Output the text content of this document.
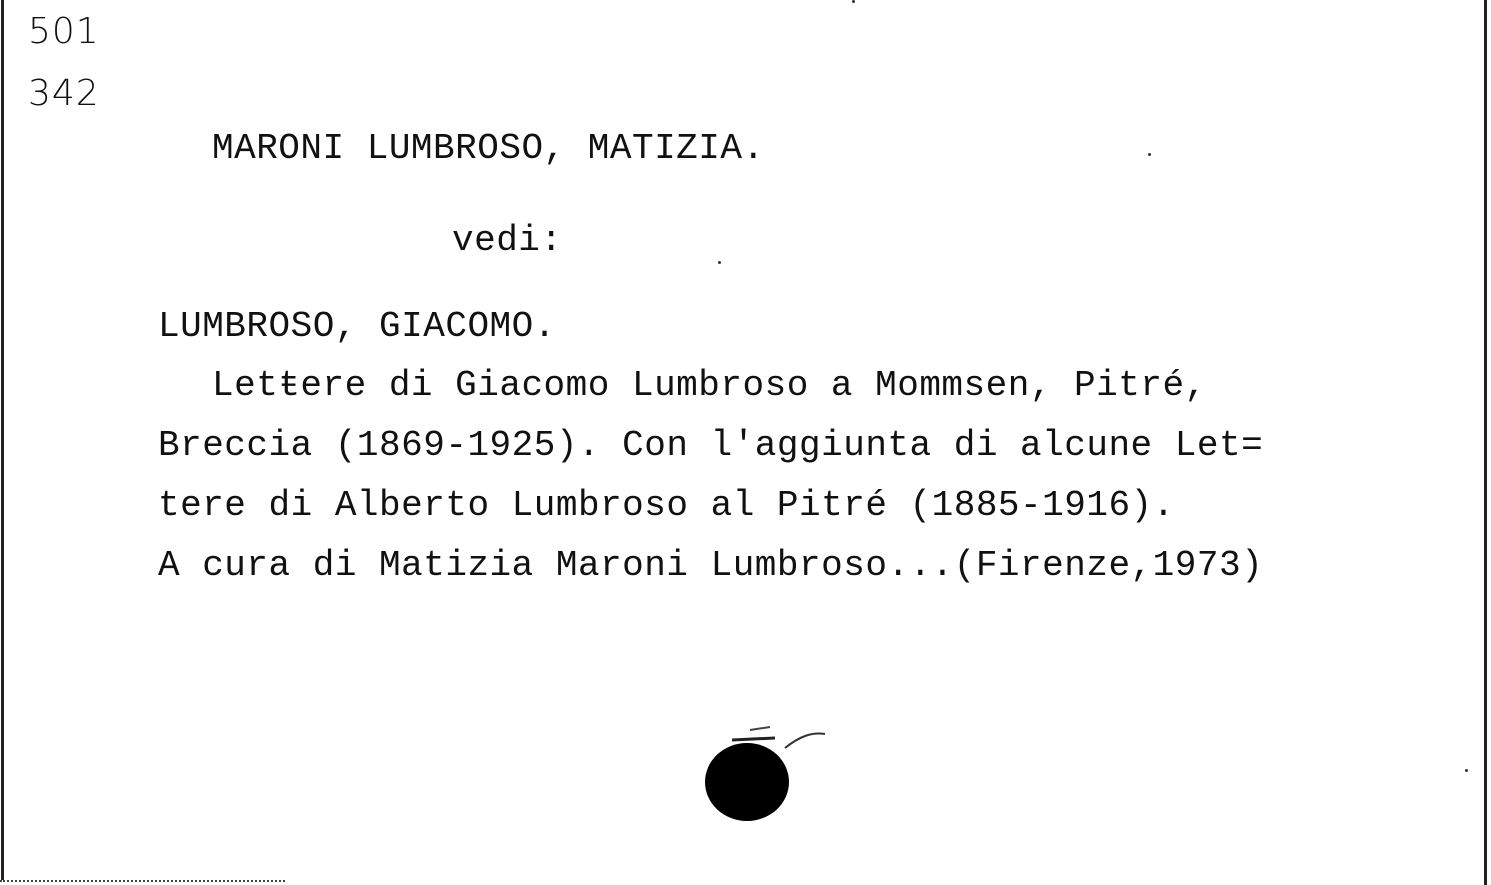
501
342
MARONI LUMBROSO, MATIZIA.
vedi:
LUMBROSO, GIACOMO.
Letŧere di Giacomo Lumbroso a Mommsen, Pitré,
Breccia (1869-1925). Con l'aggiunta di alcune Let=
tere di Alberto Lumbroso al Pitré (1885-1916).
A cura di Matizia Maroni Lumbroso...(Firenze,1973)
